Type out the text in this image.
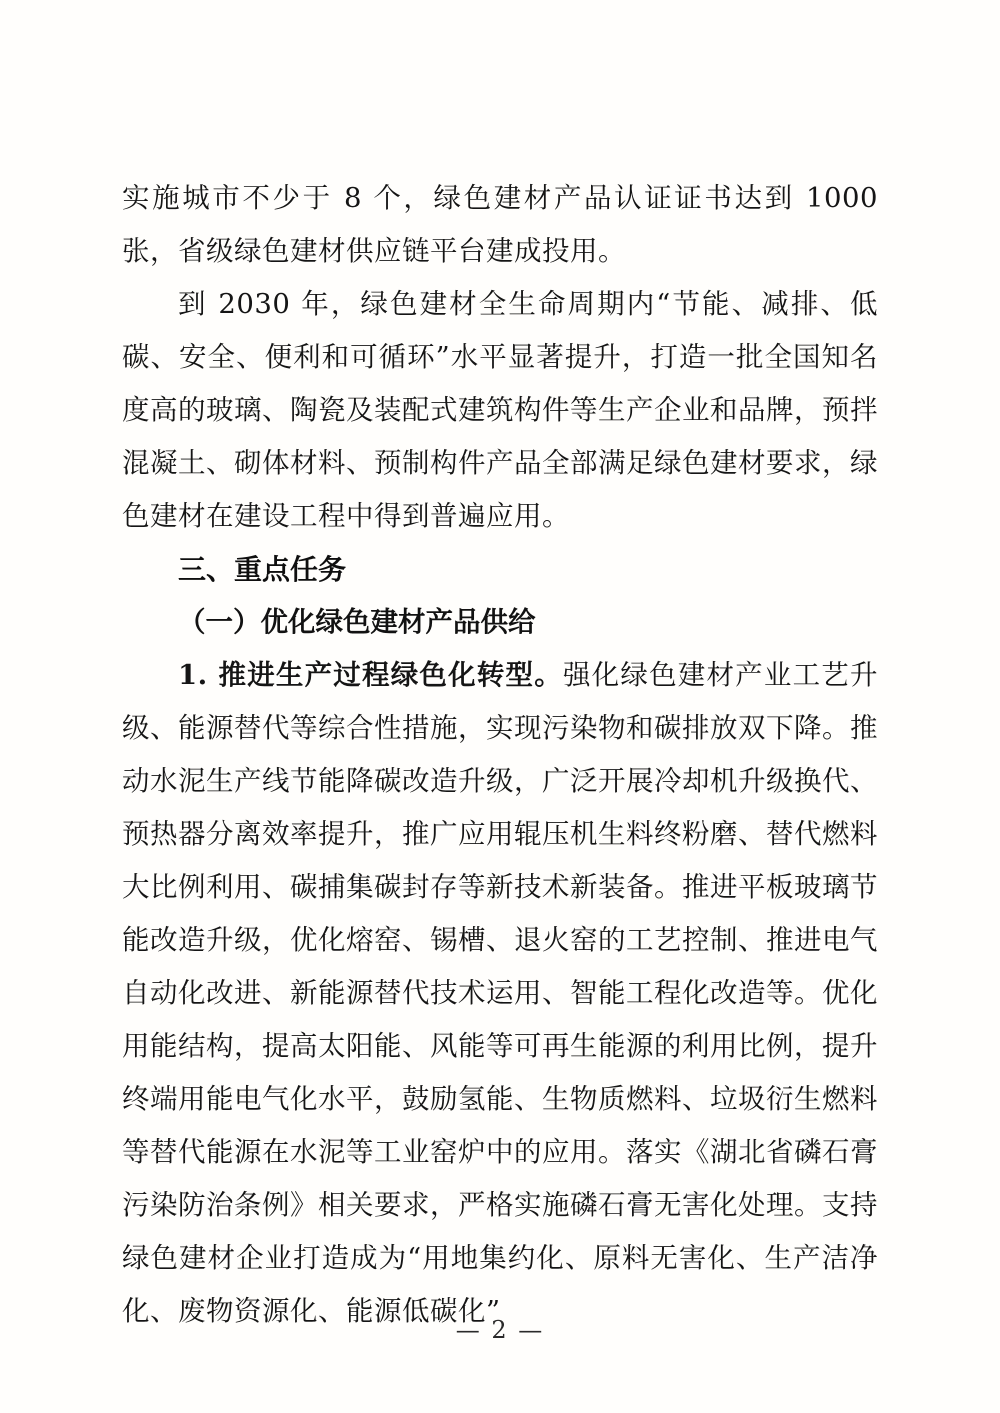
实施城市不少于 8 个，绿色建材产品认证证书达到 1000 张，省级绿色建材供应链平台建成投用。

到 2030 年，绿色建材全生命周期内“节能、减排、低碳、安全、便利和可循环”水平显著提升，打造一批全国知名度高的玻璃、陶瓷及装配式建筑构件等生产企业和品牌，预拌混凝土、砌体材料、预制构件产品全部满足绿色建材要求，绿色建材在建设工程中得到普遍应用。

三、重点任务
（一）优化绿色建材产品供给

1. 推进生产过程绿色化转型。强化绿色建材产业工艺升级、能源替代等综合性措施，实现污染物和碳排放双下降。推动水泥生产线节能降碳改造升级，广泛开展冷却机升级换代、预热器分离效率提升，推广应用辊压机生料终粉磨、替代燃料大比例利用、碳捕集碳封存等新技术新装备。推进平板玻璃节能改造升级，优化熔窑、锡槽、退火窑的工艺控制、推进电气自动化改进、新能源替代技术运用、智能工程化改造等。优化用能结构，提高太阳能、风能等可再生能源的利用比例，提升终端用能电气化水平，鼓励氢能、生物质燃料、垃圾衍生燃料等替代能源在水泥等工业窑炉中的应用。落实《湖北省磷石膏污染防治条例》相关要求，严格实施磷石膏无害化处理。支持绿色建材企业打造成为“用地集约化、原料无害化、生产洁净化、废物资源化、能源低碳化”

— 2 —
